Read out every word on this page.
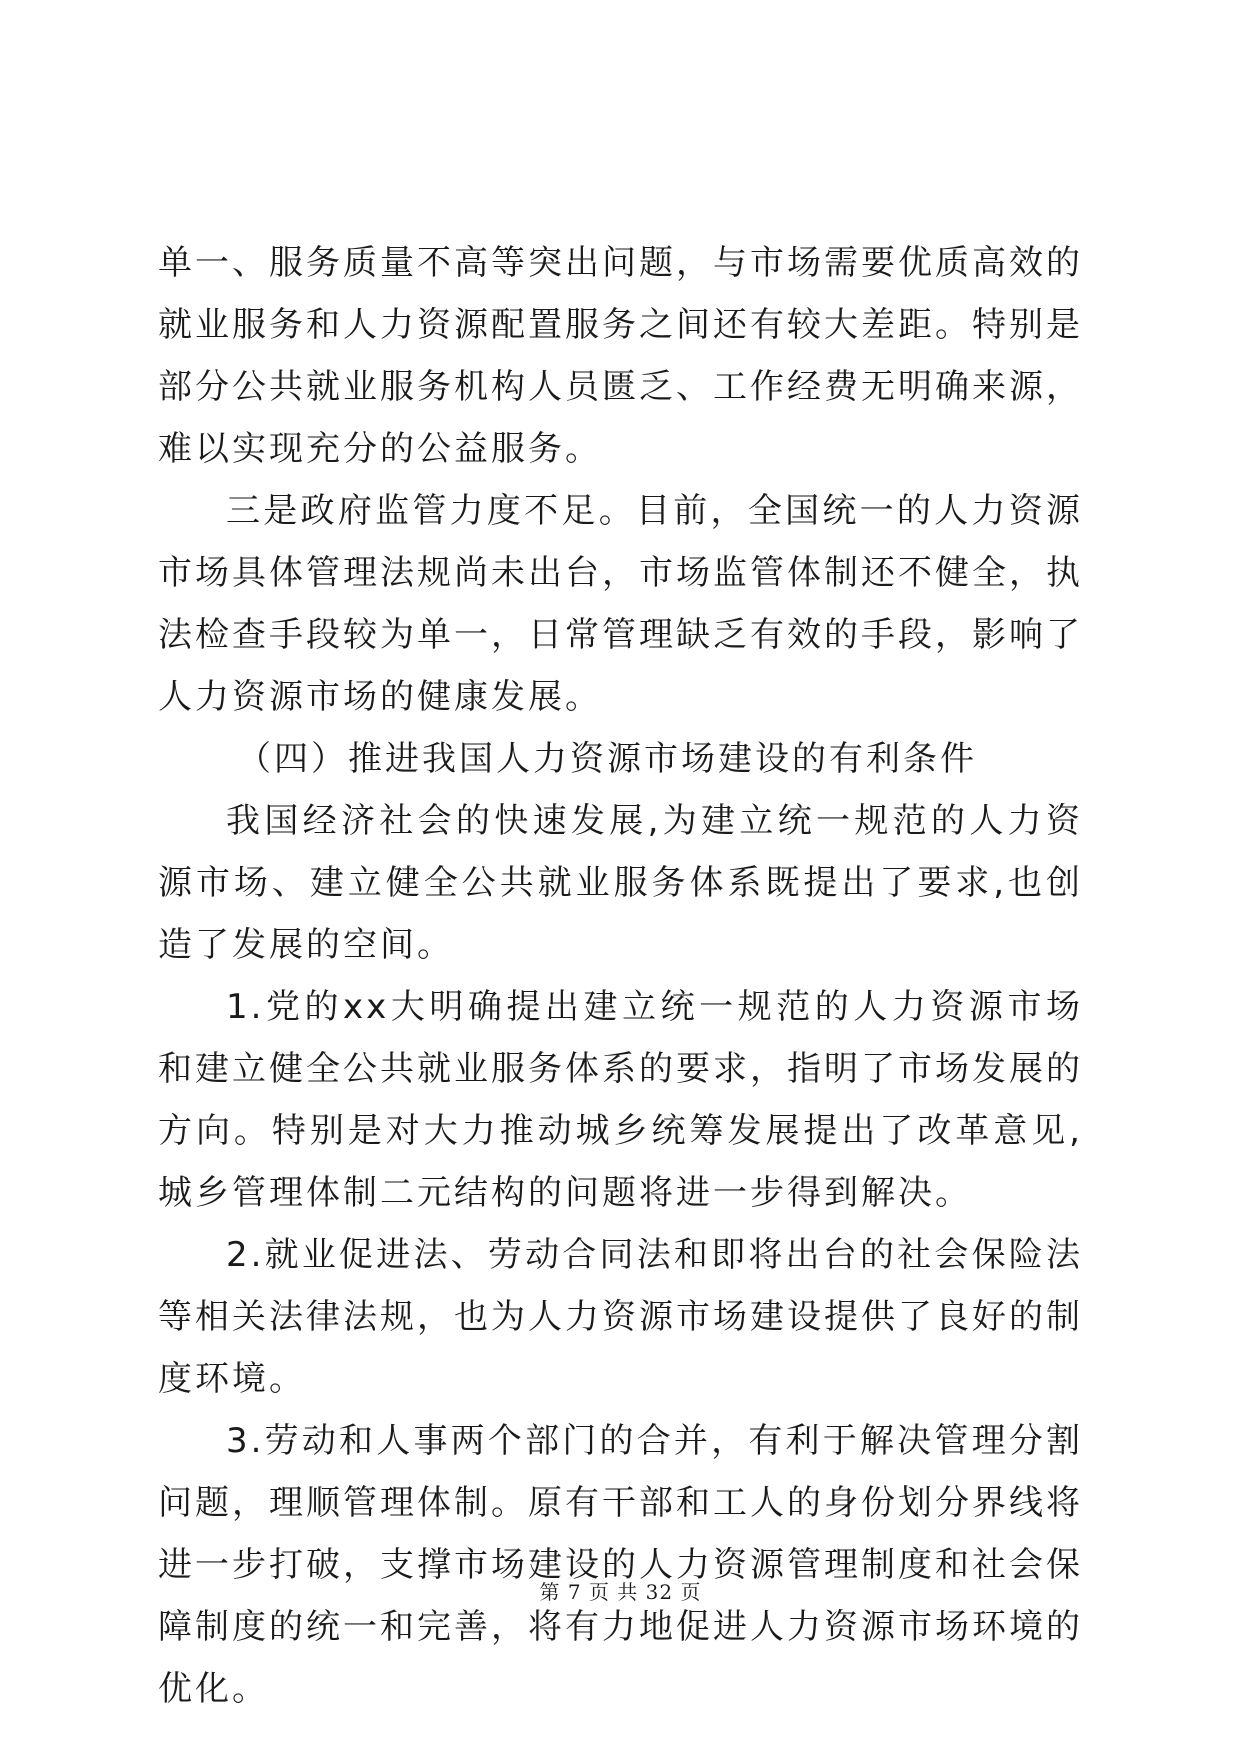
单一、服务质量不高等突出问题，与市场需要优质高效的就业服务和人力资源配置服务之间还有较大差距。特别是部分公共就业服务机构人员匮乏、工作经费无明确来源，难以实现充分的公益服务。

三是政府监管力度不足。目前，全国统一的人力资源市场具体管理法规尚未出台，市场监管体制还不健全，执法检查手段较为单一，日常管理缺乏有效的手段，影响了人力资源市场的健康发展。

（四）推进我国人力资源市场建设的有利条件

我国经济社会的快速发展,为建立统一规范的人力资源市场、建立健全公共就业服务体系既提出了要求,也创造了发展的空间。

1.党的xx大明确提出建立统一规范的人力资源市场和建立健全公共就业服务体系的要求，指明了市场发展的方向。特别是对大力推动城乡统筹发展提出了改革意见,城乡管理体制二元结构的问题将进一步得到解决。

2.就业促进法、劳动合同法和即将出台的社会保险法等相关法律法规，也为人力资源市场建设提供了良好的制度环境。

3.劳动和人事两个部门的合并，有利于解决管理分割问题，理顺管理体制。原有干部和工人的身份划分界线将进一步打破，支撑市场建设的人力资源管理制度和社会保障制度的统一和完善，将有力地促进人力资源市场环境的优化。

第 7 页 共 32 页
